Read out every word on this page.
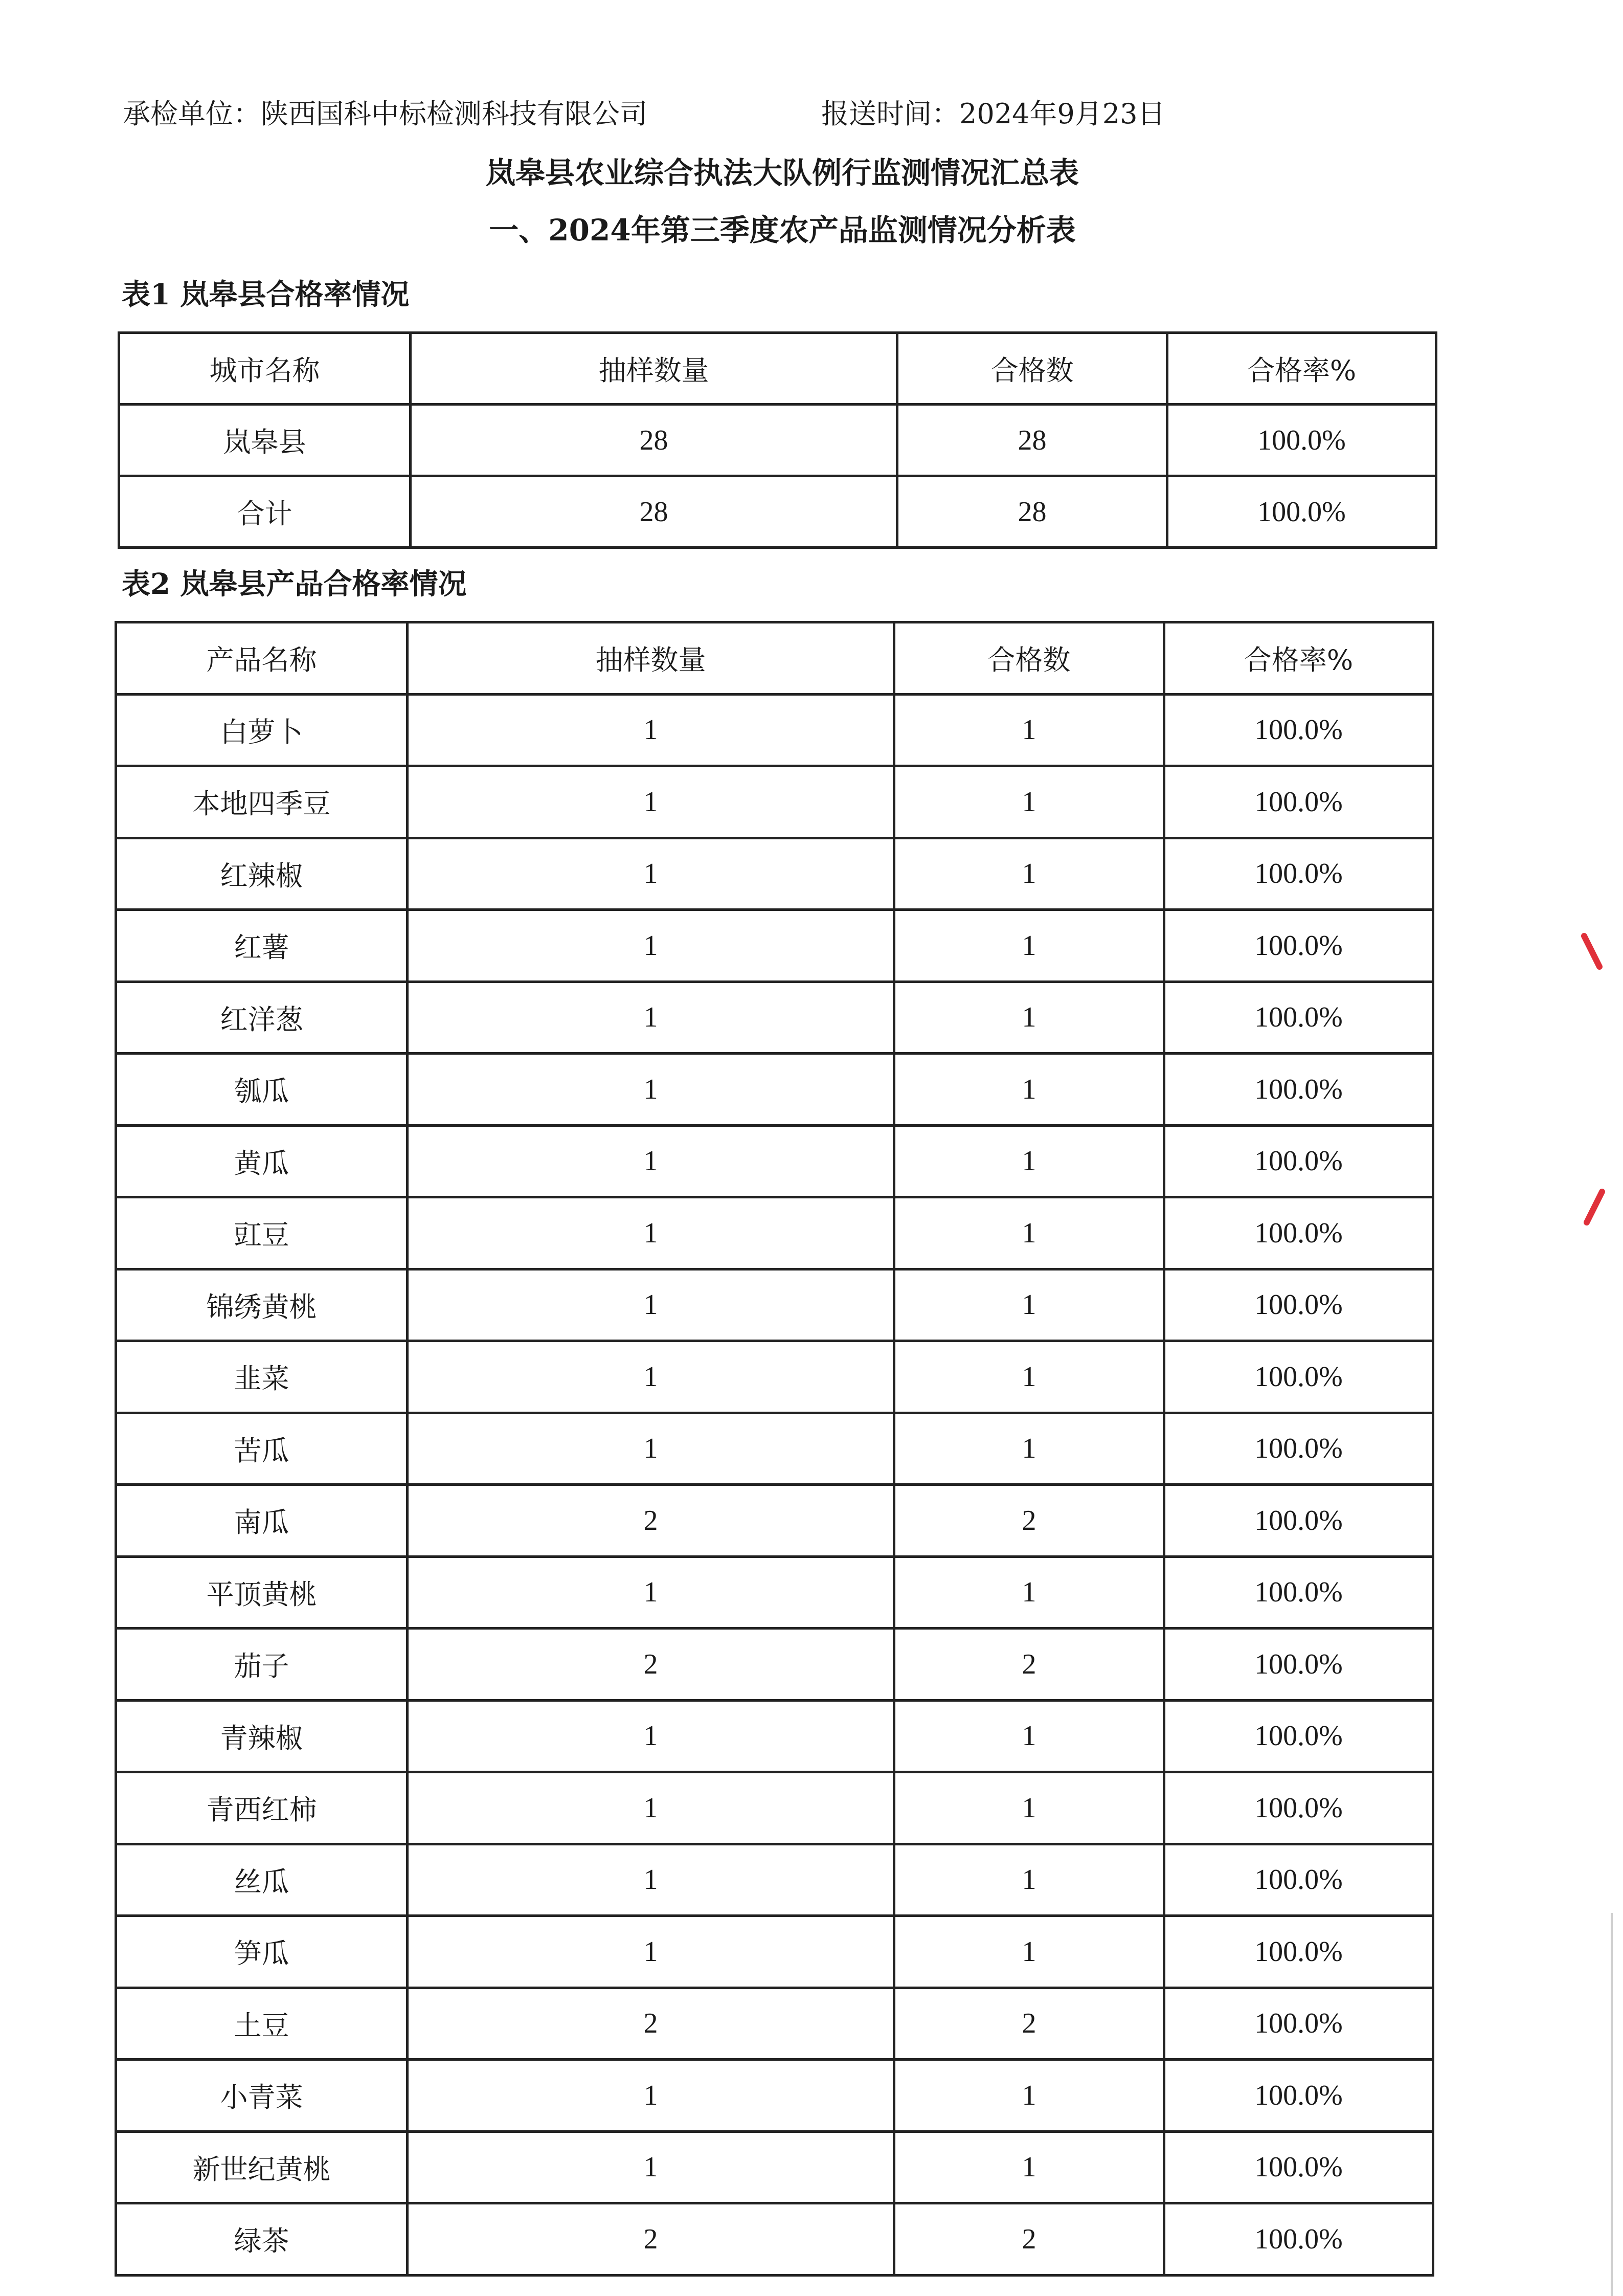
承检单位：陕西国科中标检测科技有限公司	报送时间：2024年9月23日
岚皋县农业综合执法大队例行监测情况汇总表
一、2024年第三季度农产品监测情况分析表
表1 岚皋县合格率情况
城市名称	抽样数量	合格数	合格率%
岚皋县	28	28	100.0%
合计	28	28	100.0%
表2 岚皋县产品合格率情况
产品名称	抽样数量	合格数	合格率%
白萝卜	1	1	100.0%
本地四季豆	1	1	100.0%
红辣椒	1	1	100.0%
红薯	1	1	100.0%
红洋葱	1	1	100.0%
瓠瓜	1	1	100.0%
黄瓜	1	1	100.0%
豇豆	1	1	100.0%
锦绣黄桃	1	1	100.0%
韭菜	1	1	100.0%
苦瓜	1	1	100.0%
南瓜	2	2	100.0%
平顶黄桃	1	1	100.0%
茄子	2	2	100.0%
青辣椒	1	1	100.0%
青西红柿	1	1	100.0%
丝瓜	1	1	100.0%
笋瓜	1	1	100.0%
土豆	2	2	100.0%
小青菜	1	1	100.0%
新世纪黄桃	1	1	100.0%
绿茶	2	2	100.0%
